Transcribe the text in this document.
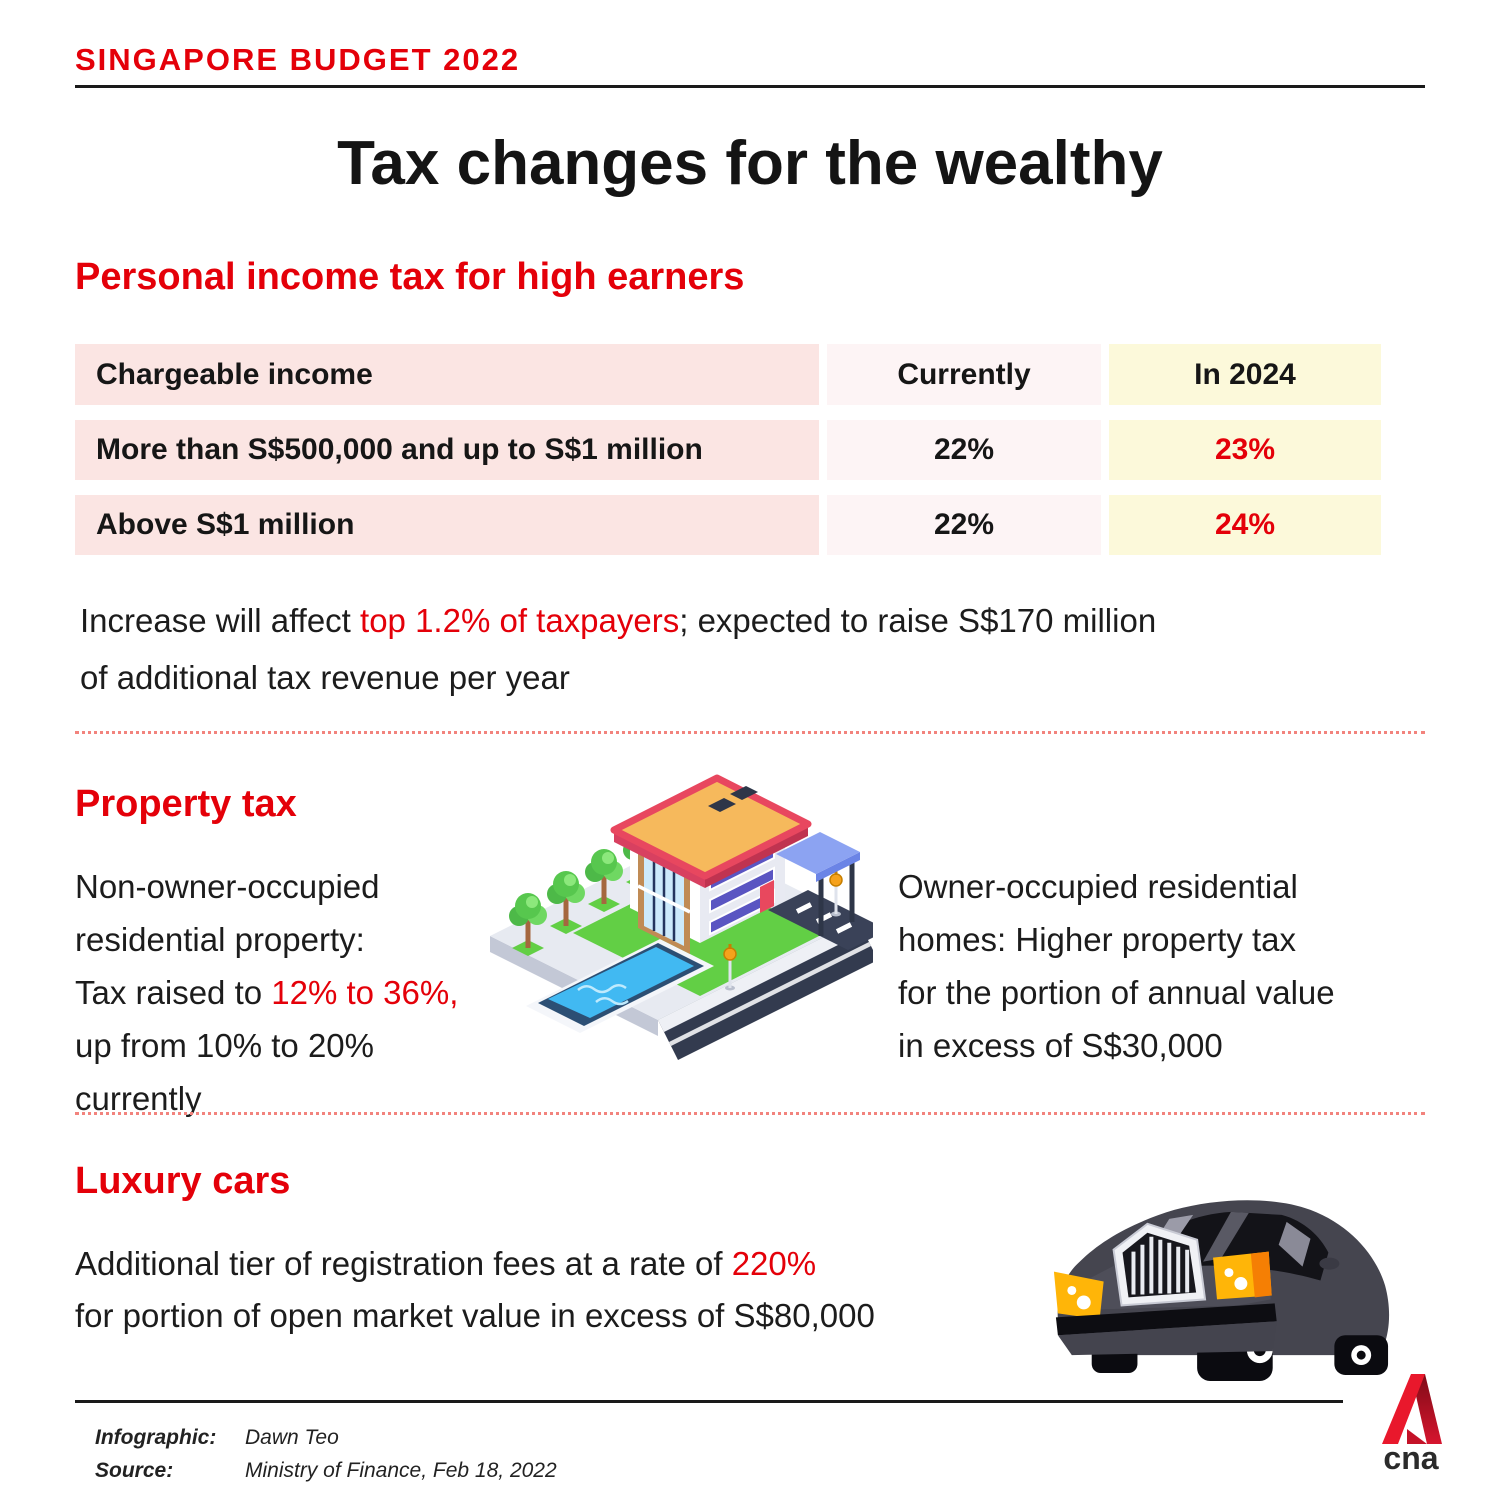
SINGAPORE BUDGET 2022
Tax changes for the wealthy
Personal income tax for high earners
Chargeable income	Currently	In 2024
More than S$500,000 and up to S$1 million	22%	23%
Above S$1 million	22%	24%

Increase will affect top 1.2% of taxpayers; expected to raise S$170 million
of additional tax revenue per year

Property tax

Non-owner-occupied
residential property:
Tax raised to 12% to 36%,
up from 10% to 20% currently

Owner-occupied residential
homes: Higher property tax
for the portion of annual value
in excess of S$30,000

Luxury cars

Additional tier of registration fees at a rate of 220%
for portion of open market value in excess of S$80,000

Infographic:	Dawn Teo
Source:	Ministry of Finance, Feb 18, 2022	cna
